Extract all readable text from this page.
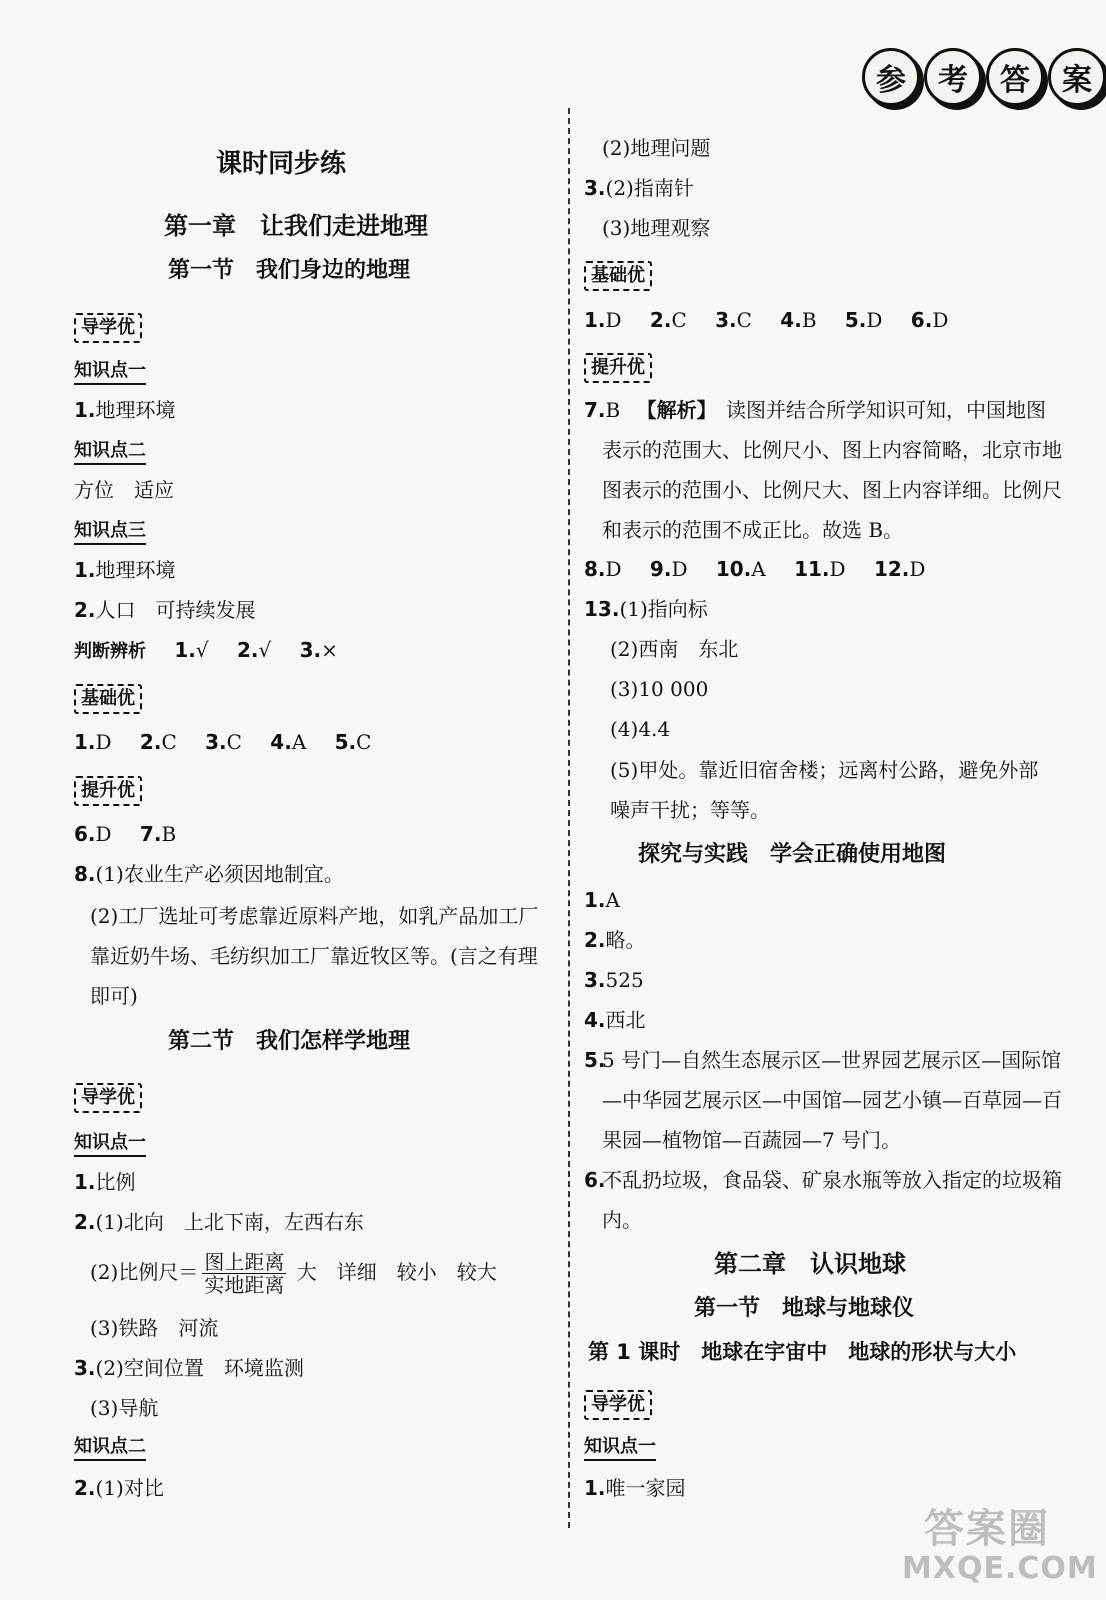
参	考	答	案
课时同步练
第一章　让我们走进地理
第一节　我们身边的地理
导学优
知识点一
1.地理环境
知识点二
方位　适应
知识点三
1.地理环境
2.人口　可持续发展
判断辨析 1.√ 2.√ 3.×
基础优
1.D 2.C 3.C 4.A 5.C
提升优
6.D 7.B
8.(1)农业生产必须因地制宜。
(2)工厂选址可考虑靠近原料产地，如乳产品加工厂靠近奶牛场、毛纺织加工厂靠近牧区等。(言之有理即可)
第二节　我们怎样学地理
导学优
知识点一
1.比例
2.(1)北向　上北下南，左西右东
(2)比例尺＝ $\frac{\text{图上距离}}{\text{实地距离}}$ 大　详细　较小　较大
(3)铁路　河流
3.(2)空间位置　环境监测
(3)导航
知识点二
2.(1)对比
(2)地理问题
3.(2)指南针
(3)地理观察
基础优
1.D 2.C 3.C 4.B 5.D 6.D
提升优
7.B 【解析】 读图并结合所学知识可知，中国地图表示的范围大、比例尺小、图上内容简略，北京市地图表示的范围小、比例尺大、图上内容详细。比例尺和表示的范围不成正比。故选 B。
8.D 9.D 10.A 11.D 12.D
13.(1)指向标
(2)西南　东北
(3)10 000
(4)4.4
(5)甲处。靠近旧宿舍楼；远离村公路，避免外部噪声干扰；等等。
探究与实践　学会正确使用地图
1.A
2.略。
3.525
4.西北
5.
5 号门—自然生态展示区—世界园艺展示区—国际馆—中华园艺展示区—中国馆—园艺小镇—百草园—百果园—植物馆—百蔬园—7 号门。
6.
不乱扔垃圾，食品袋、矿泉水瓶等放入指定的垃圾箱内。
第二章　认识地球
第一节　地球与地球仪
第 1 课时　地球在宇宙中　地球的形状与大小
导学优
知识点一
1.唯一家园
答案圈
MXQE.COM
